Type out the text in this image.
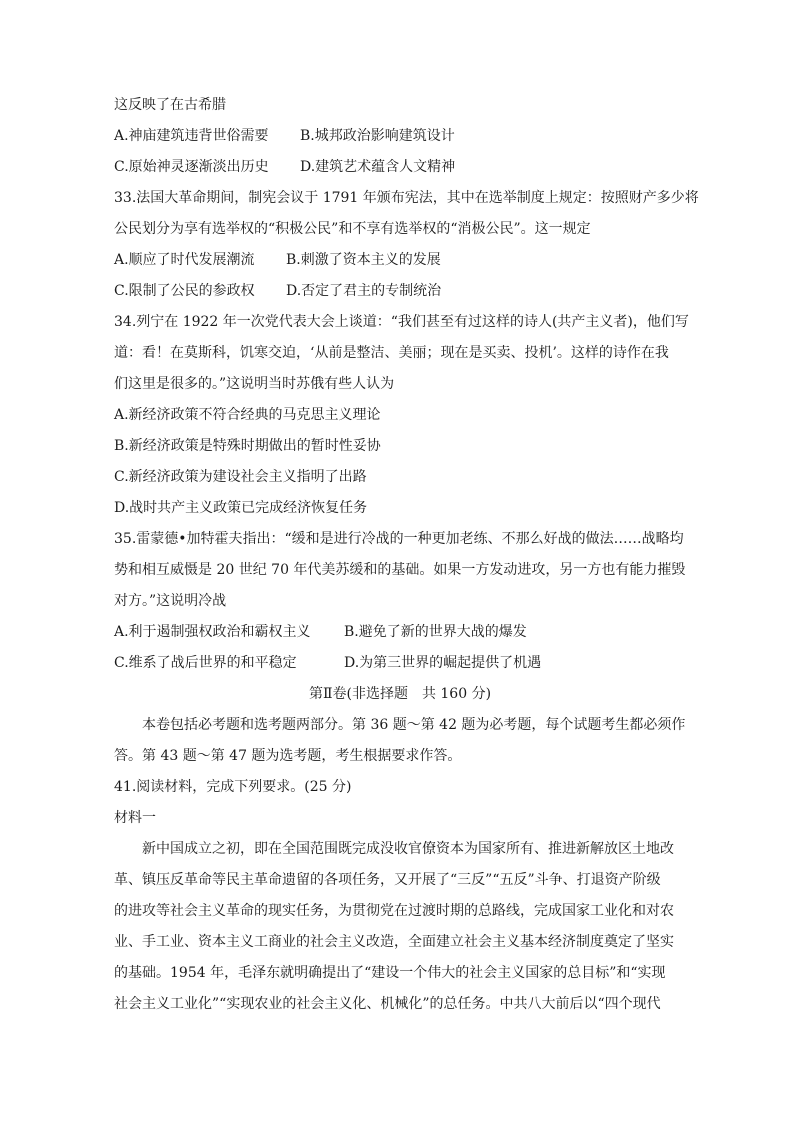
这反映了在古希腊
A.神庙建筑违背世俗需要	B.城邦政治影响建筑设计
C.原始神灵逐渐淡出历史	D.建筑艺术蕴含人文精神
33.法国大革命期间，制宪会议于 1791 年颁布宪法，其中在选举制度上规定：按照财产多少将
公民划分为享有选举权的“积极公民”和不享有选举权的“消极公民”。这一规定
A.顺应了时代发展潮流	B.刺激了资本主义的发展
C.限制了公民的参政权	D.否定了君主的专制统治
34.列宁在 1922 年一次党代表大会上谈道：“我们甚至有过这样的诗人(共产主义者)，他们写
道：看！在莫斯科，饥寒交迫，‘从前是整洁、美丽；现在是买卖、投机’。这样的诗作在我
们这里是很多的。”这说明当时苏俄有些人认为
A.新经济政策不符合经典的马克思主义理论
B.新经济政策是特殊时期做出的暂时性妥协
C.新经济政策为建设社会主义指明了出路
D.战时共产主义政策已完成经济恢复任务
35.雷蒙德•加特霍夫指出：“缓和是进行冷战的一种更加老练、不那么好战的做法……战略均
势和相互威慑是 20 世纪 70 年代美苏缓和的基础。如果一方发动进攻，另一方也有能力摧毁
对方。”这说明冷战
A.利于遏制强权政治和霸权主义	B.避免了新的世界大战的爆发
C.维系了战后世界的和平稳定	D.为第三世界的崛起提供了机遇
第Ⅱ卷(非选择题　共 160 分)
本卷包括必考题和选考题两部分。第 36 题～第 42 题为必考题，每个试题考生都必须作
答。第 43 题～第 47 题为选考题，考生根据要求作答。
41.阅读材料，完成下列要求。(25 分)
材料一
新中国成立之初，即在全国范围既完成没收官僚资本为国家所有、推进新解放区土地改
革、镇压反革命等民主革命遗留的各项任务，又开展了“三反”“五反”斗争、打退资产阶级
的进攻等社会主义革命的现实任务，为贯彻党在过渡时期的总路线，完成国家工业化和对农
业、手工业、资本主义工商业的社会主义改造，全面建立社会主义基本经济制度奠定了坚实
的基础。1954 年，毛泽东就明确提出了“建设一个伟大的社会主义国家的总目标”和“实现
社会主义工业化”“实现农业的社会主义化、机械化”的总任务。中共八大前后以“四个现代
